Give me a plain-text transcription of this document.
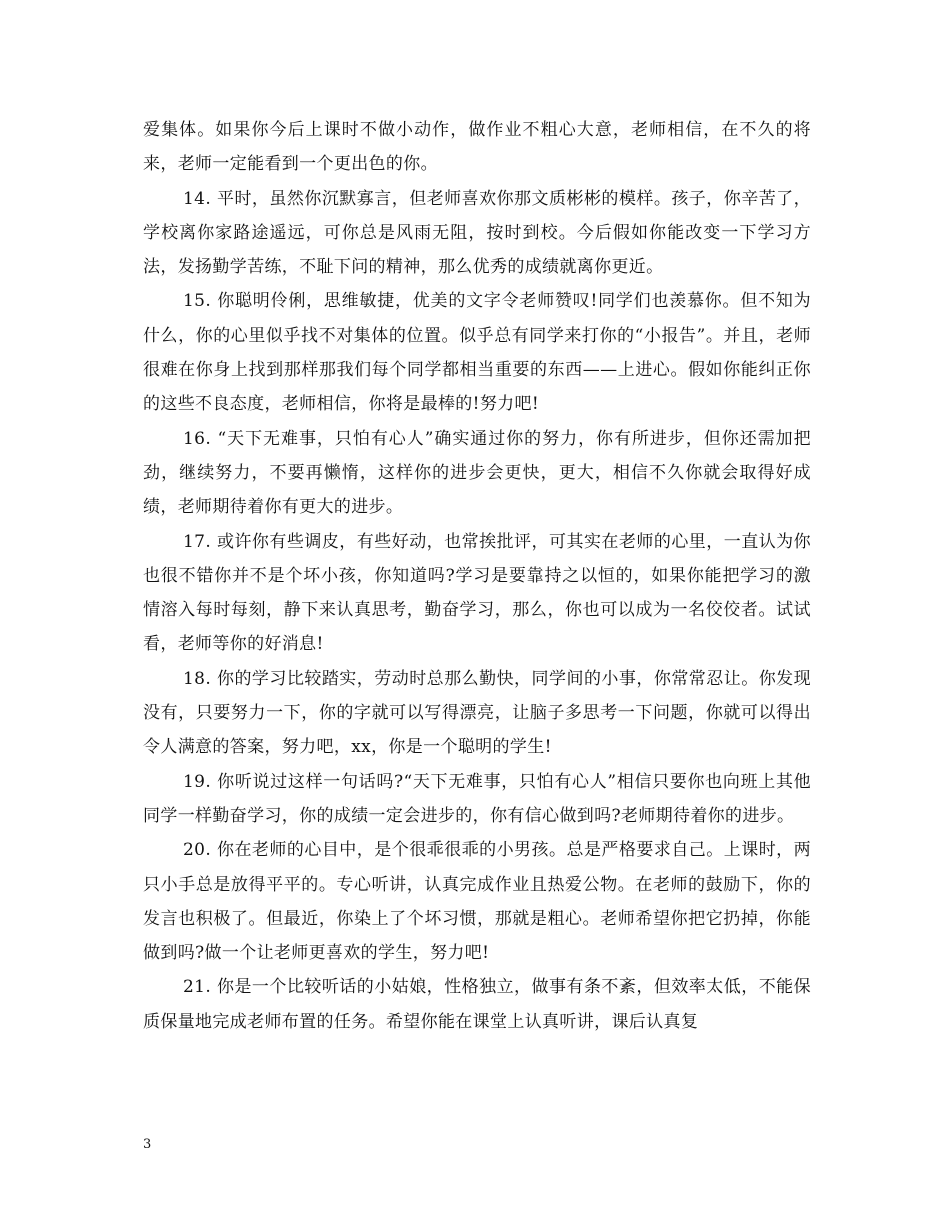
爱集体。如果你今后上课时不做小动作，做作业不粗心大意，老师相信，在不久的将来，老师一定能看到一个更出色的你。

14. 平时，虽然你沉默寡言，但老师喜欢你那文质彬彬的模样。孩子，你辛苦了，学校离你家路途遥远，可你总是风雨无阻，按时到校。今后假如你能改变一下学习方法，发扬勤学苦练，不耻下问的精神，那么优秀的成绩就离你更近。

15. 你聪明伶俐，思维敏捷，优美的文字令老师赞叹!同学们也羡慕你。但不知为什么，你的心里似乎找不对集体的位置。似乎总有同学来打你的“小报告”。并且，老师很难在你身上找到那样那我们每个同学都相当重要的东西——上进心。假如你能纠正你的这些不良态度，老师相信，你将是最棒的!努力吧!

16. “天下无难事，只怕有心人”确实通过你的努力，你有所进步，但你还需加把劲，继续努力，不要再懒惰，这样你的进步会更快，更大，相信不久你就会取得好成绩，老师期待着你有更大的进步。

17. 或许你有些调皮，有些好动，也常挨批评，可其实在老师的心里，一直认为你也很不错你并不是个坏小孩，你知道吗?学习是要靠持之以恒的，如果你能把学习的激情溶入每时每刻，静下来认真思考，勤奋学习，那么，你也可以成为一名佼佼者。试试看，老师等你的好消息!

18. 你的学习比较踏实，劳动时总那么勤快，同学间的小事，你常常忍让。你发现没有，只要努力一下，你的字就可以写得漂亮，让脑子多思考一下问题，你就可以得出令人满意的答案，努力吧，xx，你是一个聪明的学生!

19. 你听说过这样一句话吗?“天下无难事，只怕有心人”相信只要你也向班上其他同学一样勤奋学习，你的成绩一定会进步的，你有信心做到吗?老师期待着你的进步。

20. 你在老师的心目中，是个很乖很乖的小男孩。总是严格要求自己。上课时，两只小手总是放得平平的。专心听讲，认真完成作业且热爱公物。在老师的鼓励下，你的发言也积极了。但最近，你染上了个坏习惯，那就是粗心。老师希望你把它扔掉，你能做到吗?做一个让老师更喜欢的学生，努力吧!

21. 你是一个比较听话的小姑娘，性格独立，做事有条不紊，但效率太低，不能保质保量地完成老师布置的任务。希望你能在课堂上认真听讲，课后认真复

3
